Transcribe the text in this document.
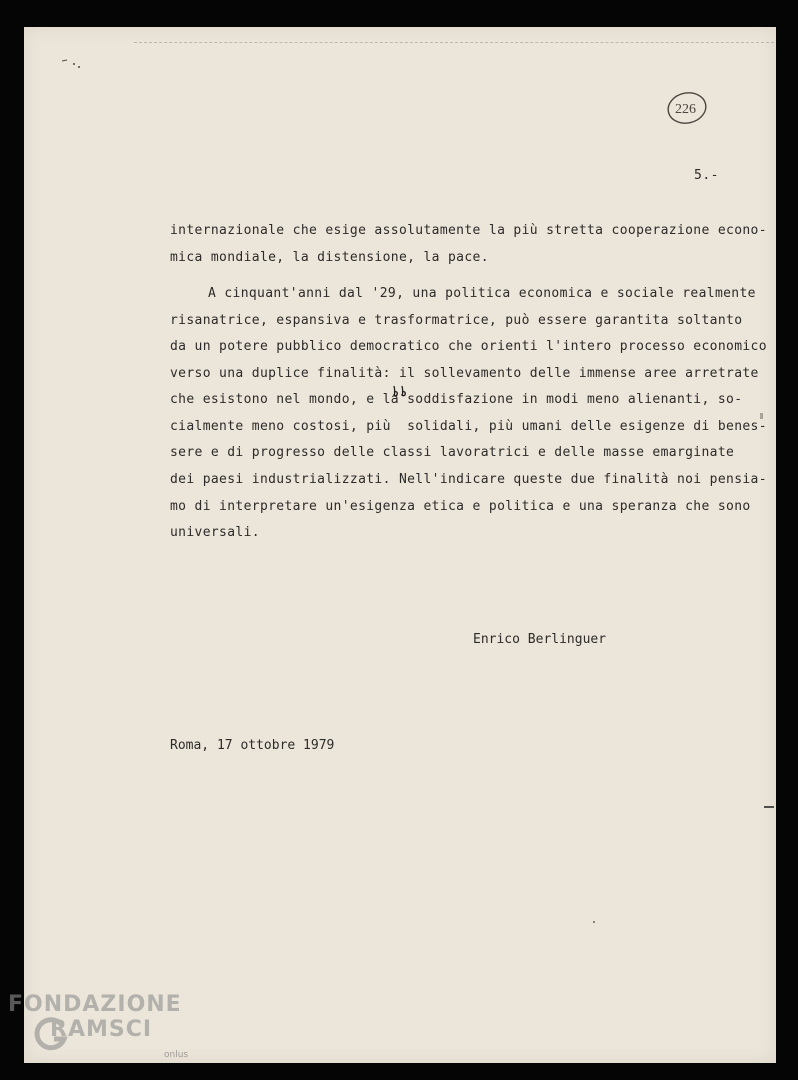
226
5.-
internazionale che esige assolutamente la più stretta cooperazione econo-
mica mondiale, la distensione, la pace.
A cinquant'anni dal '29, una politica economica e sociale realmente
risanatrice, espansiva e trasformatrice, può essere garantita soltanto
da un potere pubblico democratico che orienti l'intero processo economico
verso una duplice finalità: il sollevamento delle immense aree arretrate
che esistono nel mondo, e la soddisfazione in modi meno alienanti, so-
cialmente meno costosi, più  solidali, più umani delle esigenze di benes-
sere e di progresso delle classi lavoratrici e delle masse emarginate
dei paesi industrializzati. Nell'indicare queste due finalità noi pensia-
mo di interpretare un'esigenza etica e politica e una speranza che sono
universali.
Enrico Berlinguer
Roma, 17 ottobre 1979
FONDAZIONE
RAMSCI
onlus
